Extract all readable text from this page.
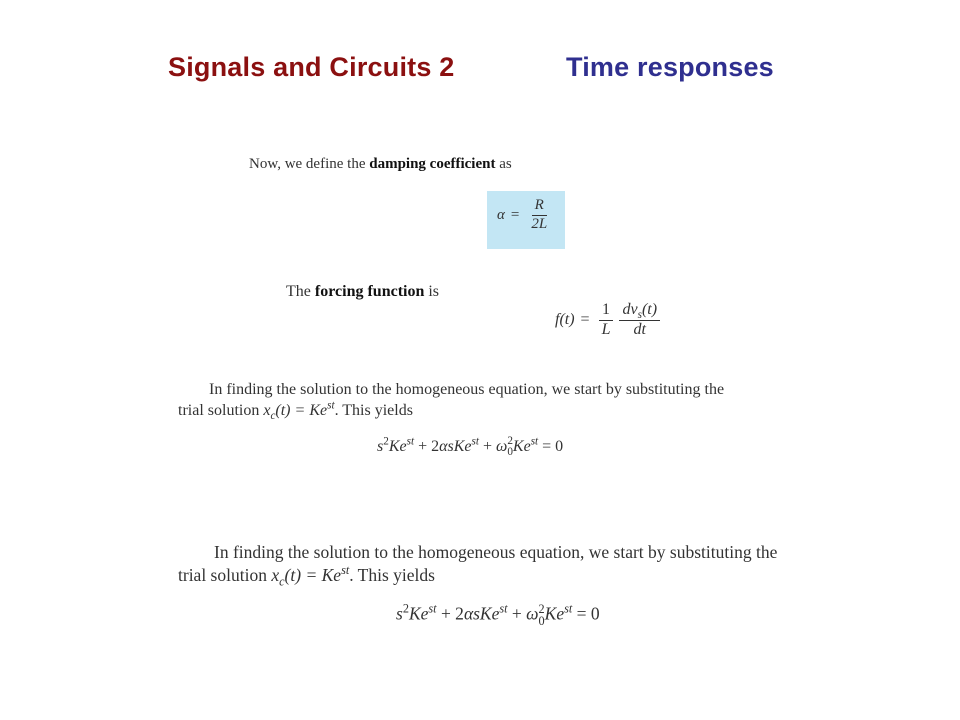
Signals and Circuits 2	Time responses
Now, we define the damping coefficient as
$\alpha = \frac{R}{2L}$
The forcing function is
$f(t) = \frac{1}{L} \frac{dv_s(t)}{dt}$
In finding the solution to the homogeneous equation, we start by substituting the
trial solution $x_c(t) = Ke^{st}$. This yields
$s^2Ke^{st} + 2\alpha sKe^{st} + \omega$ 2
0 $Ke^{st} = 0$
In finding the solution to the homogeneous equation, we start by substituting the
trial solution $x_c(t) = Ke^{st}$. This yields
$s^2Ke^{st} + 2\alpha sKe^{st} + \omega$ 2
0 $Ke^{st} = 0$
